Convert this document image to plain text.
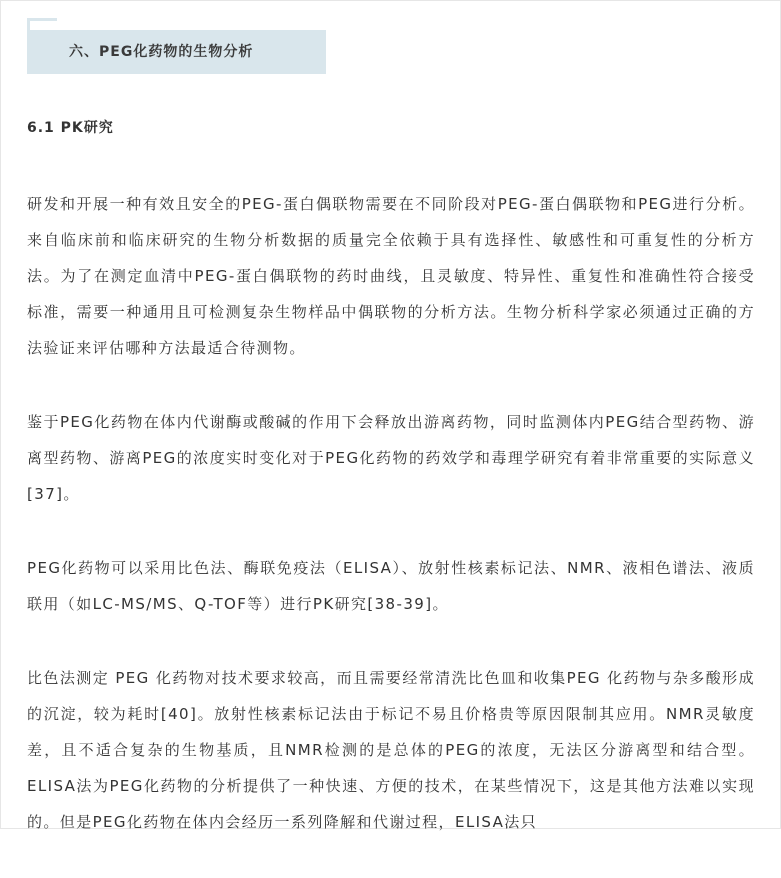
六、PEG化药物的生物分析
6.1 PK研究

研发和开展一种有效且安全的PEG-蛋白偶联物需要在不同阶段对PEG-蛋白偶联物和PEG进行分析。来自临床前和临床研究的生物分析数据的质量完全依赖于具有选择性、敏感性和可重复性的分析方法。为了在测定血清中PEG-蛋白偶联物的药时曲线，且灵敏度、特异性、重复性和准确性符合接受标准，需要一种通用且可检测复杂生物样品中偶联物的分析方法。生物分析科学家必须通过正确的方法验证来评估哪种方法最适合待测物。

鉴于PEG化药物在体内代谢酶或酸碱的作用下会释放出游离药物，同时监测体内PEG结合型药物、游离型药物、游离PEG的浓度实时变化对于PEG化药物的药效学和毒理学研究有着非常重要的实际意义[37]。

PEG化药物可以采用比色法、酶联免疫法（ELISA）、放射性核素标记法、NMR、液相色谱法、液质联用（如LC-MS/MS、Q-TOF等）进行PK研究[38-39]。

比色法测定 PEG 化药物对技术要求较高，而且需要经常清洗比色皿和收集PEG 化药物与杂多酸形成的沉淀，较为耗时[40]。放射性核素标记法由于标记不易且价格贵等原因限制其应用。NMR灵敏度差，且不适合复杂的生物基质，且NMR检测的是总体的PEG的浓度，无法区分游离型和结合型。ELISA法为PEG化药物的分析提供了一种快速、方便的技术，在某些情况下，这是其他方法难以实现的。但是PEG化药物在体内会经历一系列降解和代谢过程，ELISA法只
